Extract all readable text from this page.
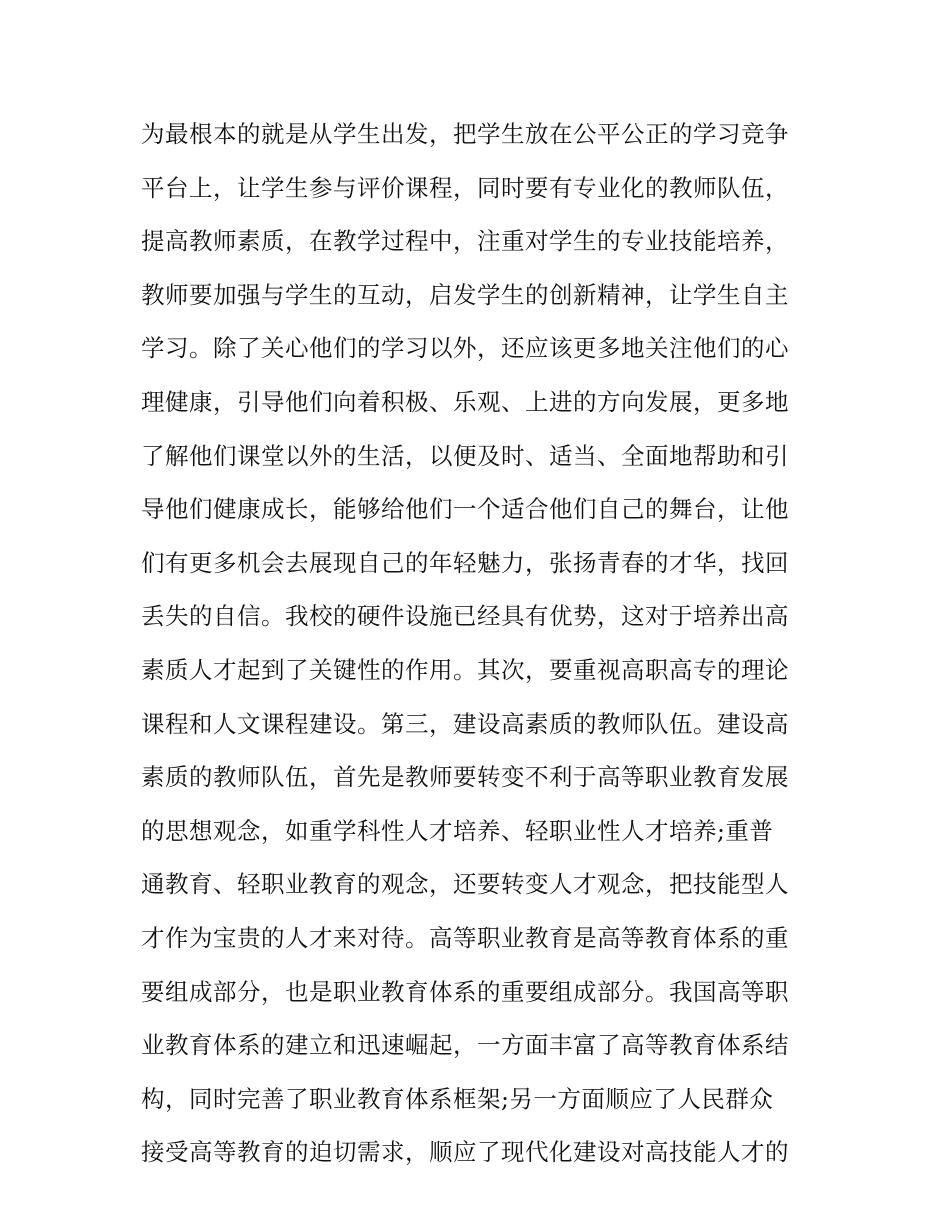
为最根本的就是从学生出发，把学生放在公平公正的学习竞争
平台上，让学生参与评价课程，同时要有专业化的教师队伍，
提高教师素质，在教学过程中，注重对学生的专业技能培养，
教师要加强与学生的互动，启发学生的创新精神，让学生自主
学习。除了关心他们的学习以外，还应该更多地关注他们的心
理健康，引导他们向着积极、乐观、上进的方向发展，更多地
了解他们课堂以外的生活，以便及时、适当、全面地帮助和引
导他们健康成长，能够给他们一个适合他们自己的舞台，让他
们有更多机会去展现自己的年轻魅力，张扬青春的才华，找回
丢失的自信。我校的硬件设施已经具有优势，这对于培养出高
素质人才起到了关键性的作用。其次，要重视高职高专的理论
课程和人文课程建设。第三，建设高素质的教师队伍。建设高
素质的教师队伍，首先是教师要转变不利于高等职业教育发展
的思想观念，如重学科性人才培养、轻职业性人才培养;重普
通教育、轻职业教育的观念，还要转变人才观念，把技能型人
才作为宝贵的人才来对待。高等职业教育是高等教育体系的重
要组成部分，也是职业教育体系的重要组成部分。我国高等职
业教育体系的建立和迅速崛起，一方面丰富了高等教育体系结
构，同时完善了职业教育体系框架;另一方面顺应了人民群众
接受高等教育的迫切需求，顺应了现代化建设对高技能人才的
